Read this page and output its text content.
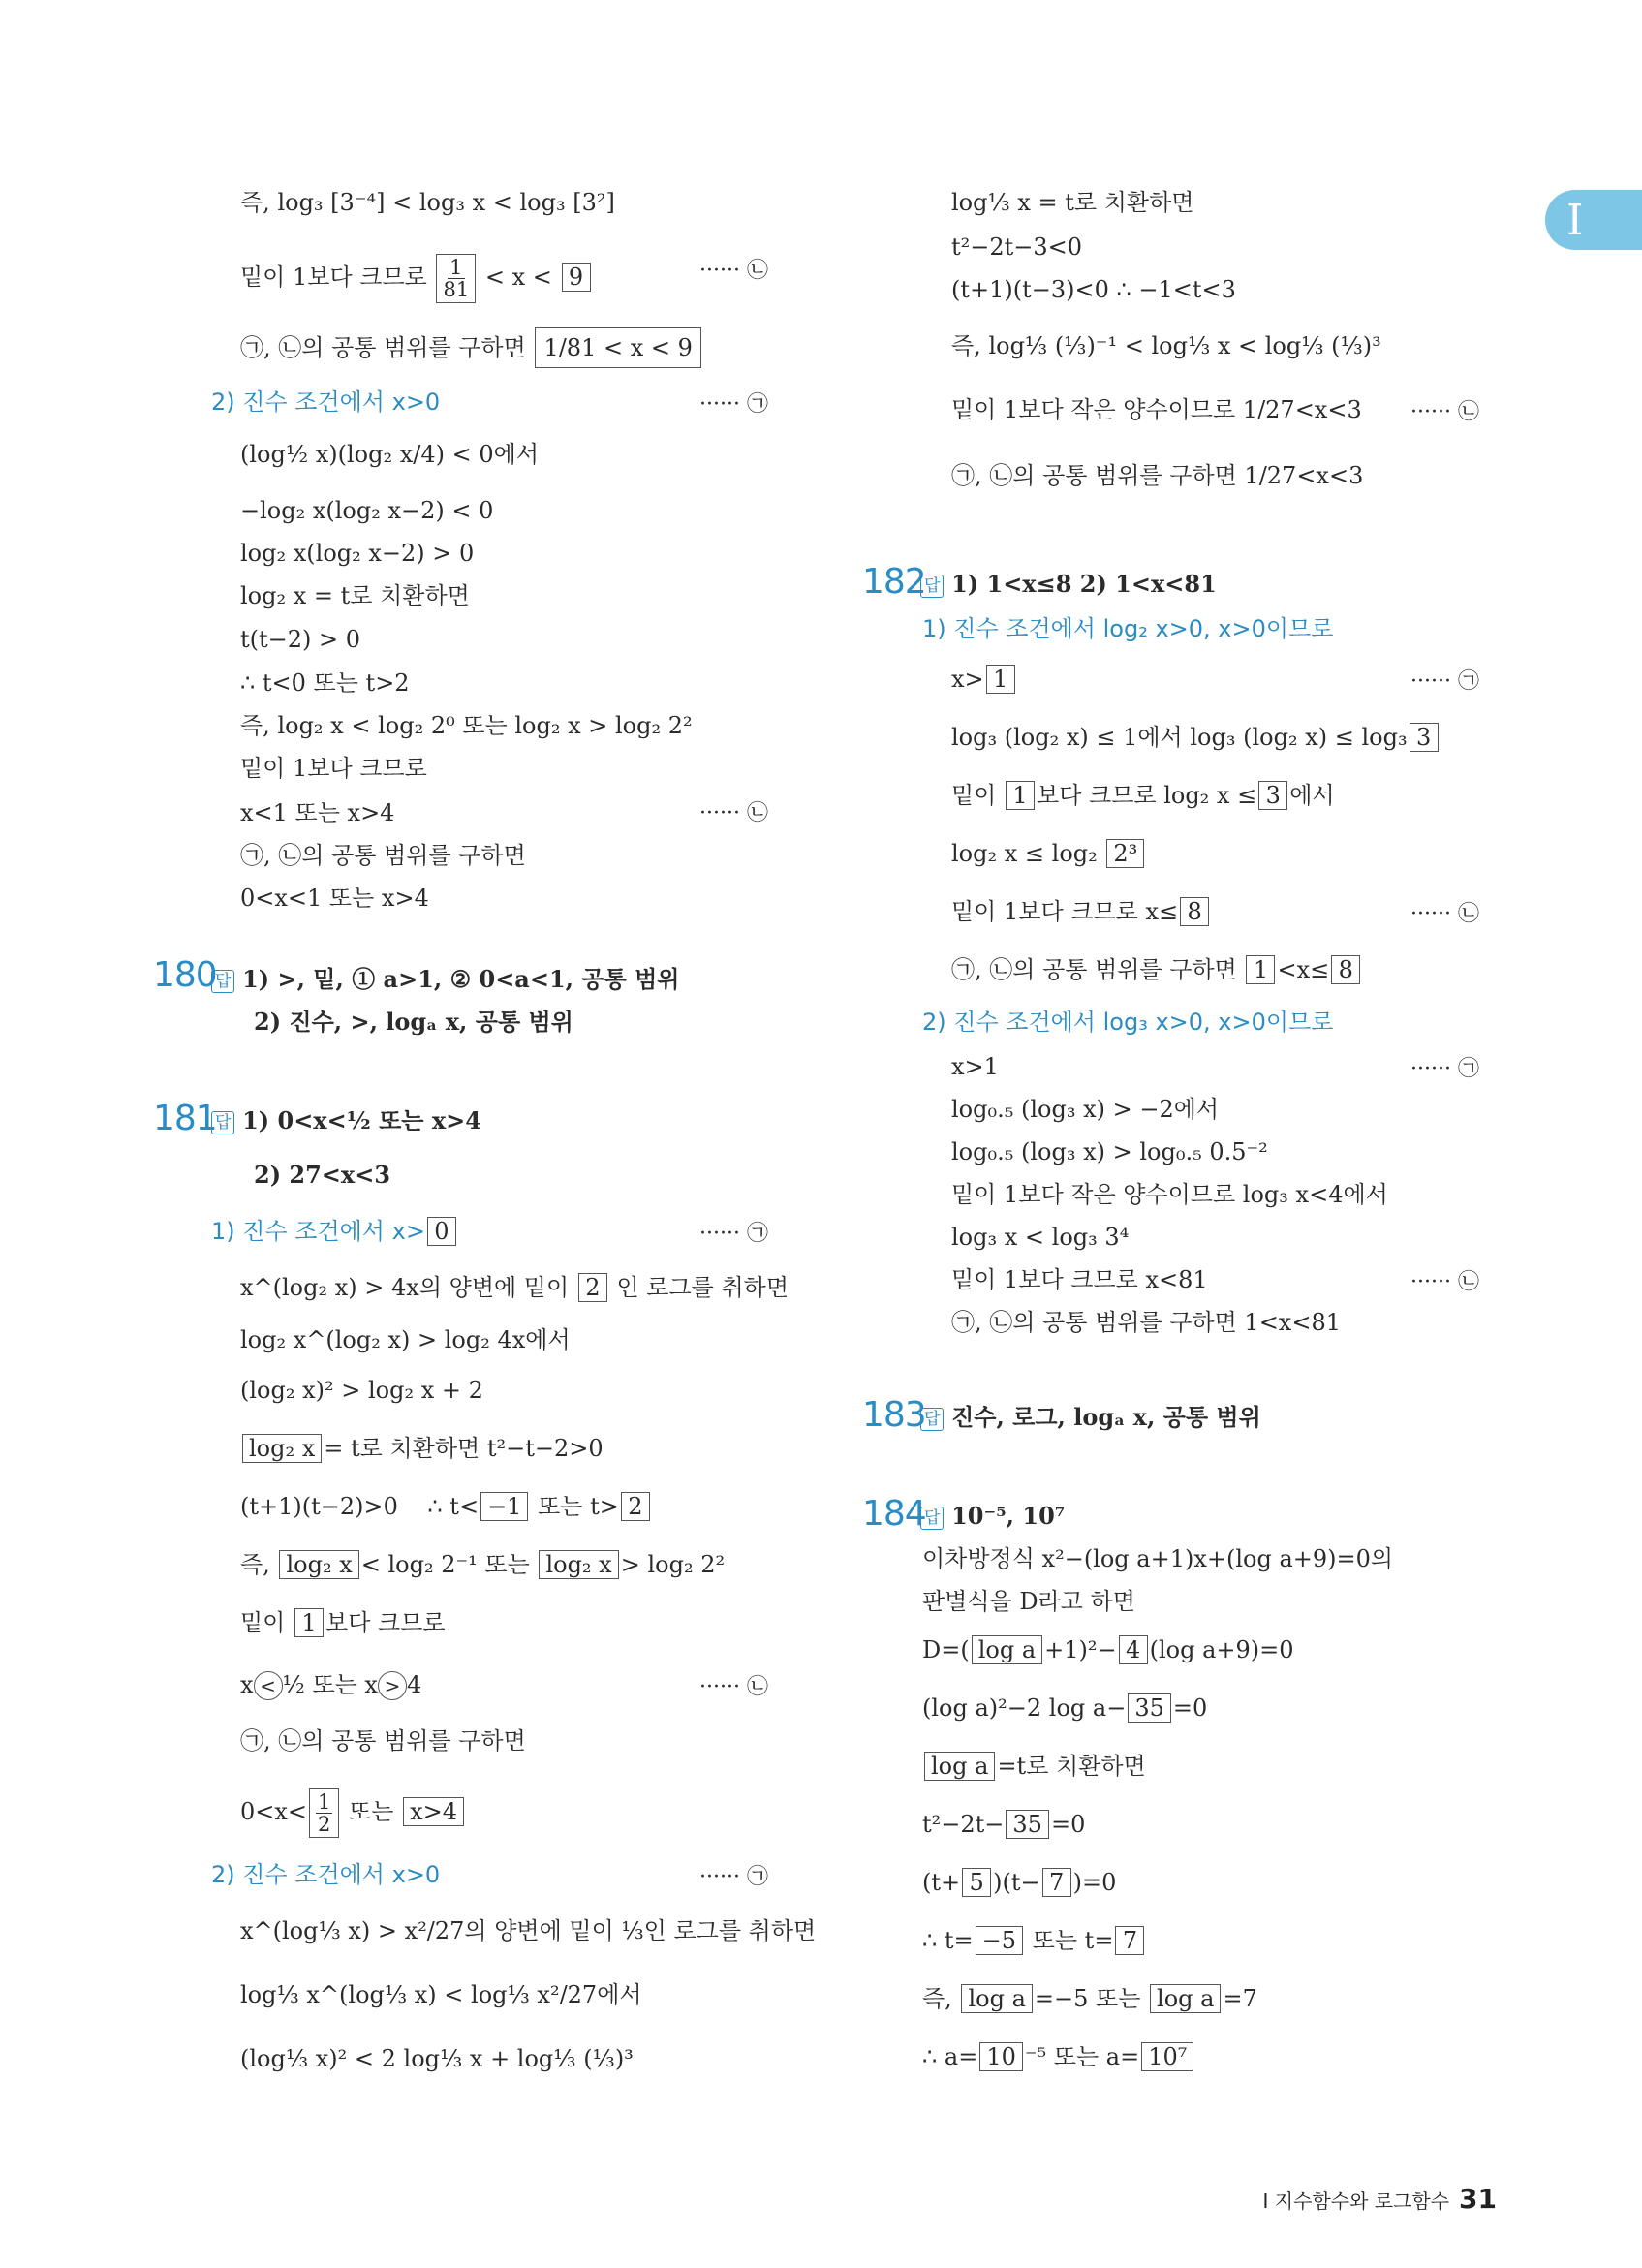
I
즉, log₃ [3⁻⁴] < log₃ x < log₃ [3²]
밑이 1보다 크므로 $\frac{1}{81} < x < 9$	······ ㉡
㉠, ㉡의 공통 범위를 구하면 1/81 < x < 9
2) 진수 조건에서 x>0	······ ㉠
(log½ x)(log₂ x/4) < 0에서
−log₂ x(log₂ x−2) < 0
log₂ x(log₂ x−2) > 0
log₂ x = t로 치환하면
t(t−2) > 0
∴ t<0 또는 t>2
즉, log₂ x < log₂ 2⁰ 또는 log₂ x > log₂ 2²
밑이 1보다 크므로
x<1 또는 x>4	······ ㉡
㉠, ㉡의 공통 범위를 구하면
0<x<1 또는 x>4
180
답 1) >, 밑, ① a>1, ② 0<a<1, 공통 범위
2) 진수, >, logₐ x, 공통 범위
181
답 1) 0<x<½ 또는 x>4
2) 27<x<3
1) 진수 조건에서 x> 0	······ ㉠
x^(log₂ x) > 4x의 양변에 밑이 2 인 로그를 취하면
log₂ x^(log₂ x) > log₂ 4x에서
(log₂ x)² > log₂ x + 2
log₂ x = t로 치환하면 t²−t−2>0
(t+1)(t−2)>0 ∴ t< −1 또는 t> 2
즉, log₂ x < log₂ 2⁻¹ 또는 log₂ x > log₂ 2²
밑이 1 보다 크므로
x < ½ 또는 x > 4	······ ㉡
㉠, ㉡의 공통 범위를 구하면
$0<x< \frac{1}{2}$ 또는 x>4
2) 진수 조건에서 x>0	······ ㉠
x^(log⅓ x) > x²/27의 양변에 밑이 ⅓인 로그를 취하면
log⅓ x^(log⅓ x) < log⅓ x²/27에서
(log⅓ x)² < 2 log⅓ x + log⅓ (⅓)³
log⅓ x = t로 치환하면
t²−2t−3<0
(t+1)(t−3)<0 ∴ −1<t<3
즉, log⅓ (⅓)⁻¹ < log⅓ x < log⅓ (⅓)³
밑이 1보다 작은 양수이므로 1/27<x<3 ······ ㉡
㉠, ㉡의 공통 범위를 구하면 1/27<x<3
182
답 1) 1<x≤8 2) 1<x<81
1) 진수 조건에서 log₂ x>0, x>0이므로
x> 1	······ ㉠
log₃ (log₂ x) ≤ 1에서 log₃ (log₂ x) ≤ log₃ 3
밑이 1 보다 크므로 log₂ x ≤ 3 에서
log₂ x ≤ log₂ 2³
밑이 1보다 크므로 x≤ 8	······ ㉡
㉠, ㉡의 공통 범위를 구하면 1 <x≤ 8
2) 진수 조건에서 log₃ x>0, x>0이므로
x>1	······ ㉠
log₀.₅ (log₃ x) > −2에서
log₀.₅ (log₃ x) > log₀.₅ 0.5⁻²
밑이 1보다 작은 양수이므로 log₃ x<4에서
log₃ x < log₃ 3⁴
밑이 1보다 크므로 x<81	······ ㉡
㉠, ㉡의 공통 범위를 구하면 1<x<81
183
답 진수, 로그, logₐ x, 공통 범위
184
답 10⁻⁵, 10⁷
이차방정식 x²−(log a+1)x+(log a+9)=0의
판별식을 D라고 하면
D=( log a +1)²− 4 (log a+9)=0
(log a)²−2 log a− 35 =0
log a =t로 치환하면
t²−2t− 35 =0
(t+ 5 )(t− 7 )=0
∴ t= −5 또는 t= 7
즉, log a =−5 또는 log a =7
∴ a= 10 ⁻⁵ 또는 a= 10⁷
I 지수함수와 로그함수 31
